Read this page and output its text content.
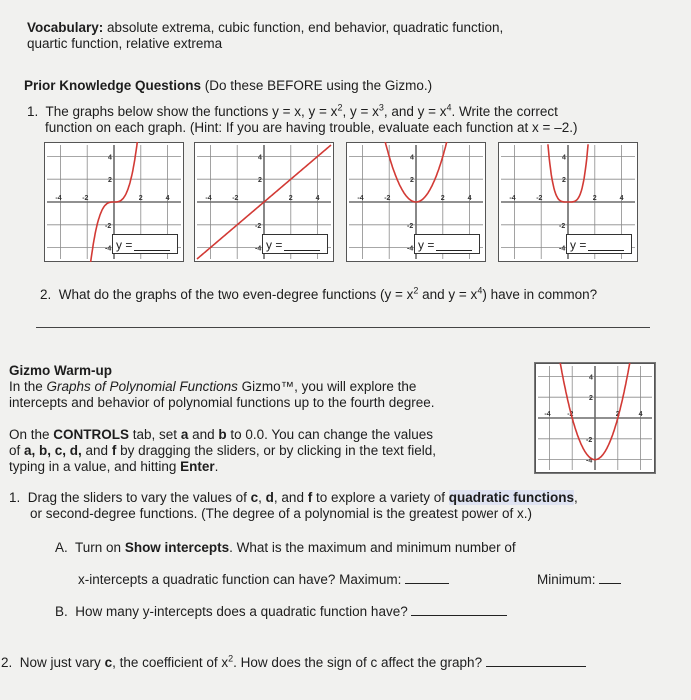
Vocabulary: absolute extrema, cubic function, end behavior, quadratic function,
quartic function, relative extrema
Prior Knowledge Questions (Do these BEFORE using the Gizmo.)
1. The graphs below show the functions y = x, $y = x^2$, $y = x^3$, and $y = x^4$. Write the correct
function on each graph. (Hint: If you are having trouble, evaluate each function at x = –2.)
-4	-2	2	4
4
2
-2
-4 y =
-4	-2	2	4
4
2
-2
-4 y =
-4	-2	2	4
4
2
-2
-4 y =
-4	-2	2	4
4
2
-2
-4 y =
2. What do the graphs of the two even-degree functions ($y = x^2$ and $y = x^4$) have in common?
Gizmo Warm-up
In the Graphs of Polynomial Functions Gizmo™, you will explore the
intercepts and behavior of polynomial functions up to the fourth degree.
On the CONTROLS tab, set a and b to 0.0. You can change the values
of a, b, c, d, and f by dragging the sliders, or by clicking in the text field,
typing in a value, and hitting Enter.
-4 -2	2	4
4
2
-2
-4
1. Drag the sliders to vary the values of c, d, and f to explore a variety of quadratic functions,
or second-degree functions. (The degree of a polynomial is the greatest power of x.)
A. Turn on Show intercepts. What is the maximum and minimum number of
x-intercepts a quadratic function can have? Maximum:	Minimum:
B. How many y-intercepts does a quadratic function have?
2. Now just vary c, the coefficient of $x^2$. How does the sign of c affect the graph?
